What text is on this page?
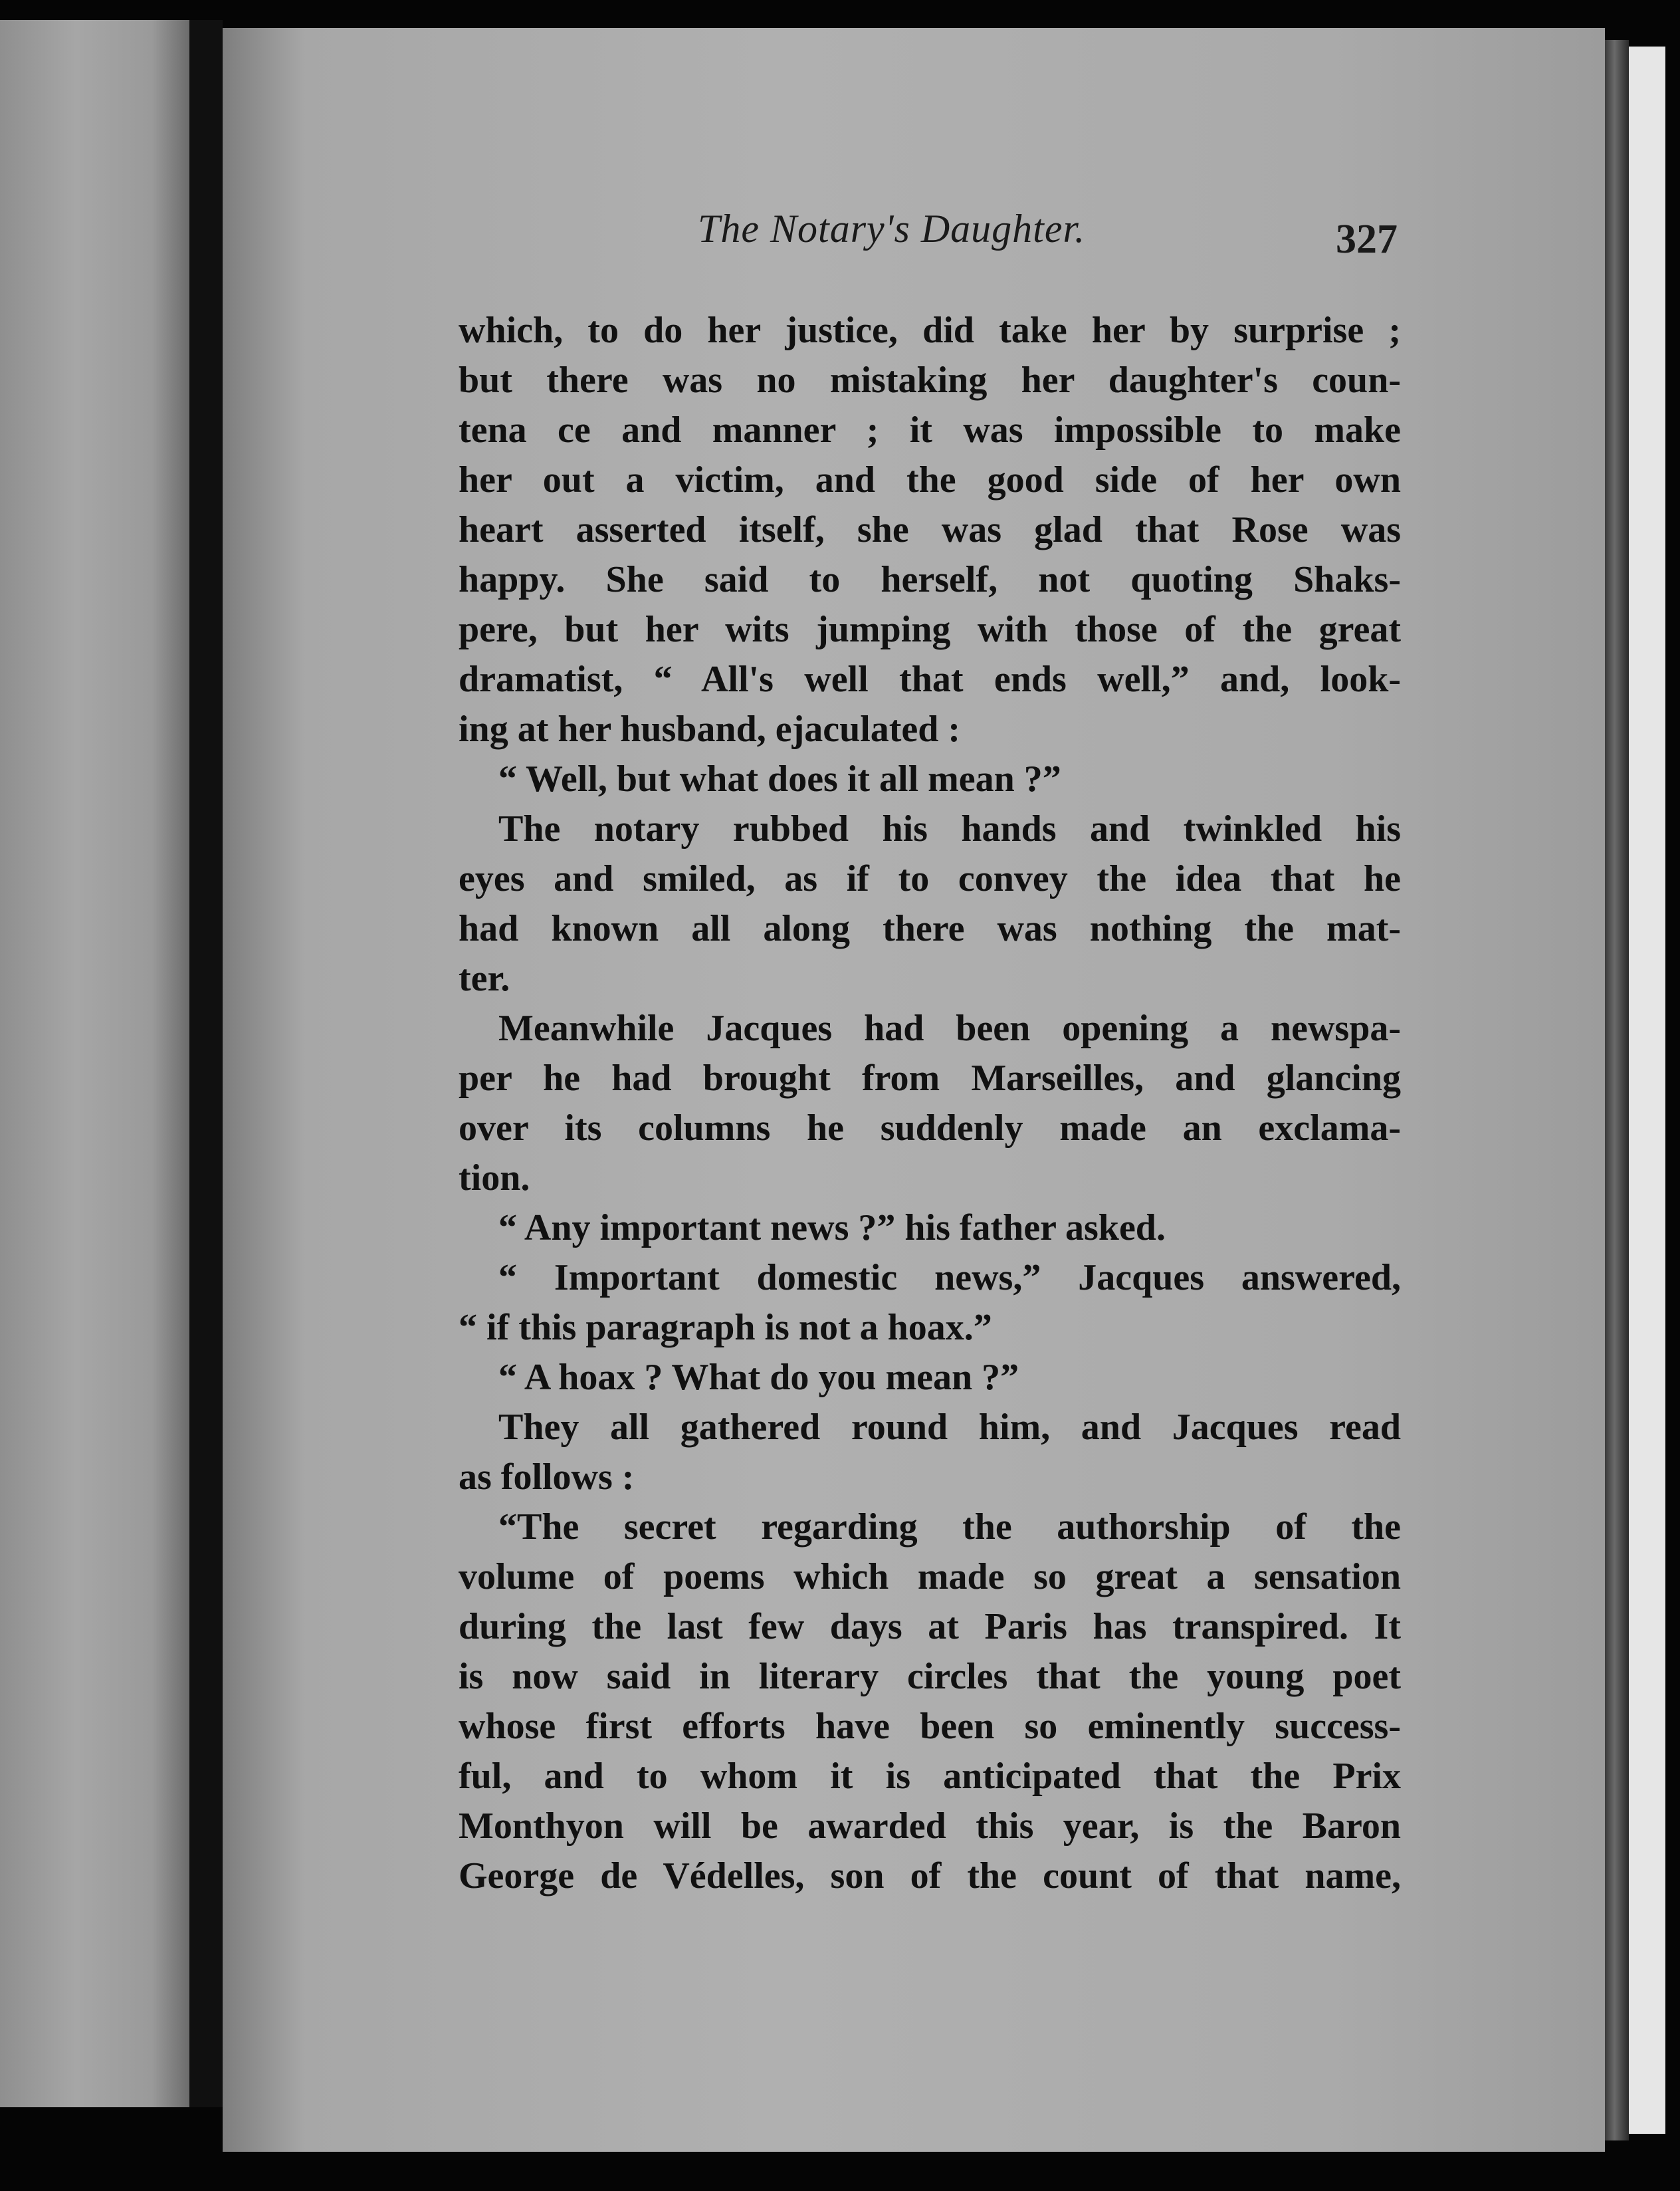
The Notary's Daughter.	327
which, to do her justice, did take her by surprise ;
but there was no mistaking her daughter's coun-
tena ce and manner ; it was impossible to make
her out a victim, and the good side of her own
heart asserted itself, she was glad that Rose was
happy. She said to herself, not quoting Shaks-
pere, but her wits jumping with those of the great
dramatist, “ All's well that ends well,” and, look-
ing at her husband, ejaculated :
“ Well, but what does it all mean ?”
The notary rubbed his hands and twinkled his
eyes and smiled, as if to convey the idea that he
had known all along there was nothing the mat-
ter.
Meanwhile Jacques had been opening a newspa-
per he had brought from Marseilles, and glancing
over its columns he suddenly made an exclama-
tion.
“ Any important news ?” his father asked.
“ Important domestic news,” Jacques answered,
“ if this paragraph is not a hoax.”
“ A hoax ? What do you mean ?”
They all gathered round him, and Jacques read
as follows :
“The secret regarding the authorship of the
volume of poems which made so great a sensation
during the last few days at Paris has transpired. It
is now said in literary circles that the young poet
whose first efforts have been so eminently success-
ful, and to whom it is anticipated that the Prix
Monthyon will be awarded this year, is the Baron
George de Védelles, son of the count of that name,
